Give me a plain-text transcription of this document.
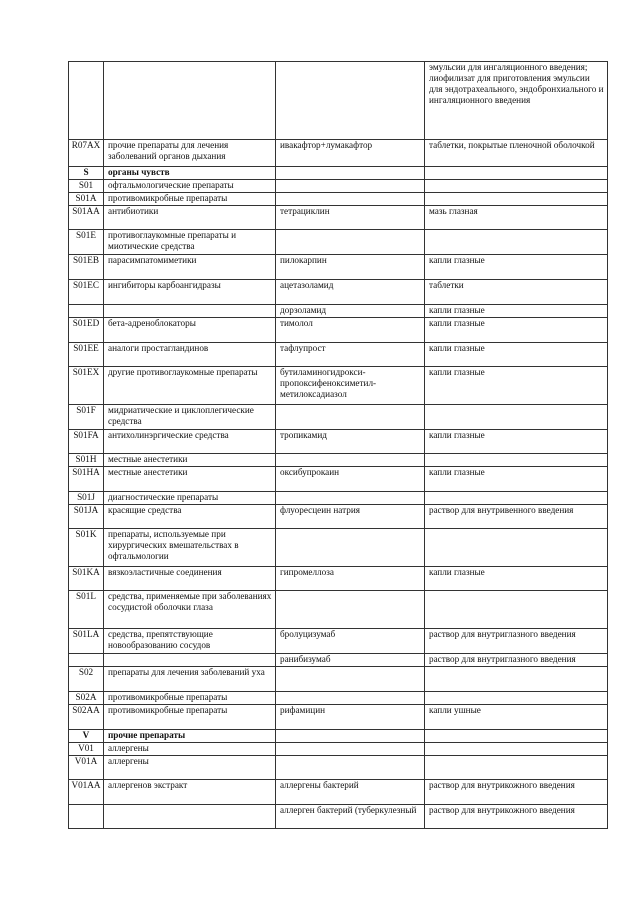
			эмульсии для ингаляционного введения;
лиофилизат для приготовления эмульсии для эндотрахеального, эндобронхиального и ингаляционного введения
R07AX	прочие препараты для лечения заболеваний органов дыхания	ивакафтор+лумакафтор	таблетки, покрытые пленочной оболочкой
S	органы чувств		
S01	офтальмологические препараты		
S01A	противомикробные препараты		
S01AA	антибиотики	тетрациклин	мазь глазная
S01E	противоглаукомные препараты и миотические средства		
S01EB	парасимпатомиметики	пилокарпин	капли глазные
S01EC	ингибиторы карбоангидразы	ацетазоламид	таблетки
		дорзоламид	капли глазные
S01ED	бета-адреноблокаторы	тимолол	капли глазные
S01EE	аналоги простагландинов	тафлупрост	капли глазные
S01EX	другие противоглаукомные препараты	бутиламиногидрокси-пропоксифеноксиметил-метилоксадиазол	капли глазные
S01F	мидриатические и циклоплегические средства		
S01FA	антихолинэргические средства	тропикамид	капли глазные
S01H	местные анестетики		
S01HA	местные анестетики	оксибупрокаин	капли глазные
S01J	диагностические препараты		
S01JA	красящие средства	флуоресцеин натрия	раствор для внутривенного введения
S01K	препараты, используемые при хирургических вмешательствах в офтальмологии		
S01KA	вязкоэластичные соединения	гипромеллоза	капли глазные
S01L	средства, применяемые при заболеваниях сосудистой оболочки глаза		
S01LA	средства, препятствующие новообразованию сосудов	бролуцизумаб	раствор для внутриглазного введения
		ранибизумаб	раствор для внутриглазного введения
S02	препараты для лечения заболеваний уха		
S02A	противомикробные препараты		
S02AA	противомикробные препараты	рифамицин	капли ушные
V	прочие препараты		
V01	аллергены		
V01A	аллергены		
V01AA	аллергенов экстракт	аллергены бактерий	раствор для внутрикожного введения
		аллерген бактерий (туберкулезный	раствор для внутрикожного введения
